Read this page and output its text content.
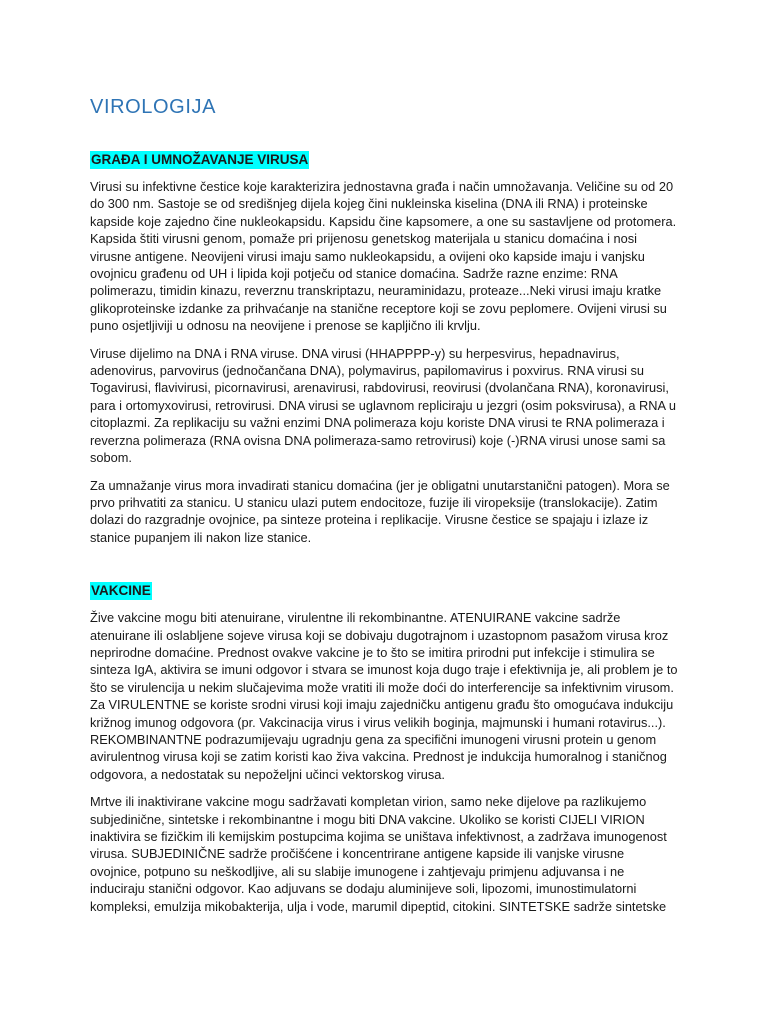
VIROLOGIJA
GRAĐA I UMNOŽAVANJE VIRUSA

Virusi su infektivne čestice koje karakterizira jednostavna građa i način umnožavanja. Veličine su od 20 do 300 nm. Sastoje se od središnjeg dijela kojeg čini nukleinska kiselina (DNA ili RNA) i proteinske kapside koje zajedno čine nukleokapsidu. Kapsidu čine kapsomere, a one su sastavljene od protomera. Kapsida štiti virusni genom, pomaže pri prijenosu genetskog materijala u stanicu domaćina i nosi virusne antigene. Neovijeni virusi imaju samo nukleokapsidu, a ovijeni oko kapside imaju i vanjsku ovojnicu građenu od UH i lipida koji potječu od stanice domaćina. Sadrže razne enzime: RNA polimerazu, timidin kinazu, reverznu transkriptazu, neuraminidazu, proteaze...Neki virusi imaju kratke glikoproteinske izdanke za prihvaćanje na stanične receptore koji se zovu peplomere. Ovijeni virusi su puno osjetljiviji u odnosu na neovijene i prenose se kapljično ili krvlju.

Viruse dijelimo na DNA i RNA viruse. DNA virusi (HHAPPPP-y) su herpesvirus, hepadnavirus, adenovirus, parvovirus (jednočančana DNA), polymavirus, papilomavirus i poxvirus. RNA virusi su Togavirusi, flavivirusi, picornavirusi, arenavirusi, rabdovirusi, reovirusi (dvolančana RNA), koronavirusi, para i ortomyxovirusi, retrovirusi. DNA virusi se uglavnom repliciraju u jezgri (osim poksvirusa), a RNA u citoplazmi. Za replikaciju su važni enzimi DNA polimeraza koju koriste DNA virusi te RNA polimeraza i reverzna polimeraza (RNA ovisna DNA polimeraza-samo retrovirusi) koje (-)RNA virusi unose sami sa sobom.

Za umnažanje virus mora invadirati stanicu domaćina (jer je obligatni unutarstanični patogen). Mora se prvo prihvatiti za stanicu. U stanicu ulazi putem endocitoze, fuzije ili viropeksije (translokacije). Zatim dolazi do razgradnje ovojnice, pa sinteze proteina i replikacije. Virusne čestice se spajaju i izlaze iz stanice pupanjem ili nakon lize stanice.

VAKCINE

Žive vakcine mogu biti atenuirane, virulentne ili rekombinantne. ATENUIRANE vakcine sadrže atenuirane ili oslabljene sojeve virusa koji se dobivaju dugotrajnom i uzastopnom pasažom virusa kroz neprirodne domaćine. Prednost ovakve vakcine je to što se imitira prirodni put infekcije i stimulira se sinteza IgA, aktivira se imuni odgovor i stvara se imunost koja dugo traje i efektivnija je, ali problem je to što se virulencija u nekim slučajevima može vratiti ili može doći do interferencije sa infektivnim virusom. Za VIRULENTNE se koriste srodni virusi koji imaju zajedničku antigenu građu što omogućava indukciju križnog imunog odgovora (pr. Vakcinacija virus i virus velikih boginja, majmunski i humani rotavirus...). REKOMBINANTNE podrazumijevaju ugradnju gena za specifični imunogeni virusni protein u genom avirulentnog virusa koji se zatim koristi kao živa vakcina. Prednost je indukcija humoralnog i staničnog odgovora, a nedostatak su nepoželjni učinci vektorskog virusa.

Mrtve ili inaktivirane vakcine mogu sadržavati kompletan virion, samo neke dijelove pa razlikujemo subjedinične, sintetske i rekombinantne i mogu biti DNA vakcine. Ukoliko se koristi CIJELI VIRION inaktivira se fizičkim ili kemijskim postupcima kojima se uništava infektivnost, a zadržava imunogenost virusa. SUBJEDINIČNE sadrže pročišćene i koncentrirane antigene kapside ili vanjske virusne ovojnice, potpuno su neškodljive, ali su slabije imunogene i zahtjevaju primjenu adjuvansa i ne induciraju stanični odgovor. Kao adjuvans se dodaju aluminijeve soli, lipozomi, imunostimulatorni kompleksi, emulzija mikobakterija, ulja i vode, marumil dipeptid, citokini. SINTETSKE sadrže sintetske
